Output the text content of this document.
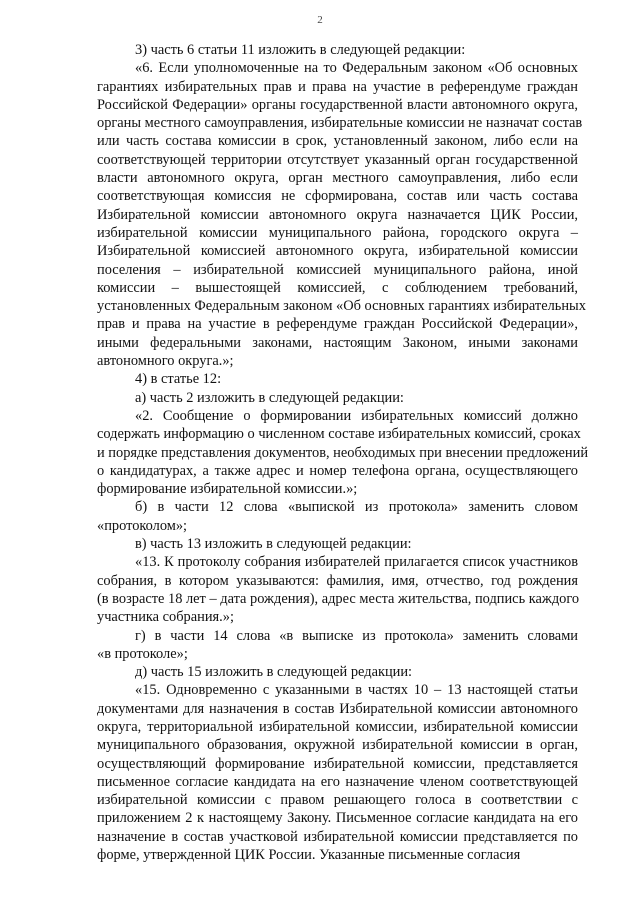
2
3) часть 6 статьи 11 изложить в следующей редакции:
«6. Если уполномоченные на то Федеральным законом «Об основных
гарантиях избирательных прав и права на участие в референдуме граждан
Российской Федерации» органы государственной власти автономного округа,
органы местного самоуправления, избирательные комиссии не назначат состав
или часть состава комиссии в срок, установленный законом, либо если на
соответствующей территории отсутствует указанный орган государственной
власти автономного округа, орган местного самоуправления, либо если
соответствующая комиссия не сформирована, состав или часть состава
Избирательной комиссии автономного округа назначается ЦИК России,
избирательной комиссии муниципального района, городского округа –
Избирательной комиссией автономного округа, избирательной комиссии
поселения – избирательной комиссией муниципального района, иной
комиссии – вышестоящей комиссией, с соблюдением требований,
установленных Федеральным законом «Об основных гарантиях избирательных
прав и права на участие в референдуме граждан Российской Федерации»,
иными федеральными законами, настоящим Законом, иными законами
автономного округа.»;
4) в статье 12:
а) часть 2 изложить в следующей редакции:
«2. Сообщение о формировании избирательных комиссий должно
содержать информацию о численном составе избирательных комиссий, сроках
и порядке представления документов, необходимых при внесении предложений
о кандидатурах, а также адрес и номер телефона органа, осуществляющего
формирование избирательной комиссии.»;
б) в части 12 слова «выпиской из протокола» заменить словом
«протоколом»;
в) часть 13 изложить в следующей редакции:
«13. К протоколу собрания избирателей прилагается список участников
собрания, в котором указываются: фамилия, имя, отчество, год рождения
(в возрасте 18 лет – дата рождения), адрес места жительства, подпись каждого
участника собрания.»;
г) в части 14 слова «в выписке из протокола» заменить словами
«в протоколе»;
д) часть 15 изложить в следующей редакции:
«15. Одновременно с указанными в частях 10 – 13 настоящей статьи
документами для назначения в состав Избирательной комиссии автономного
округа, территориальной избирательной комиссии, избирательной комиссии
муниципального образования, окружной избирательной комиссии в орган,
осуществляющий формирование избирательной комиссии, представляется
письменное согласие кандидата на его назначение членом соответствующей
избирательной комиссии с правом решающего голоса в соответствии с
приложением 2 к настоящему Закону. Письменное согласие кандидата на его
назначение в состав участковой избирательной комиссии представляется по
форме, утвержденной ЦИК России. Указанные письменные согласия
